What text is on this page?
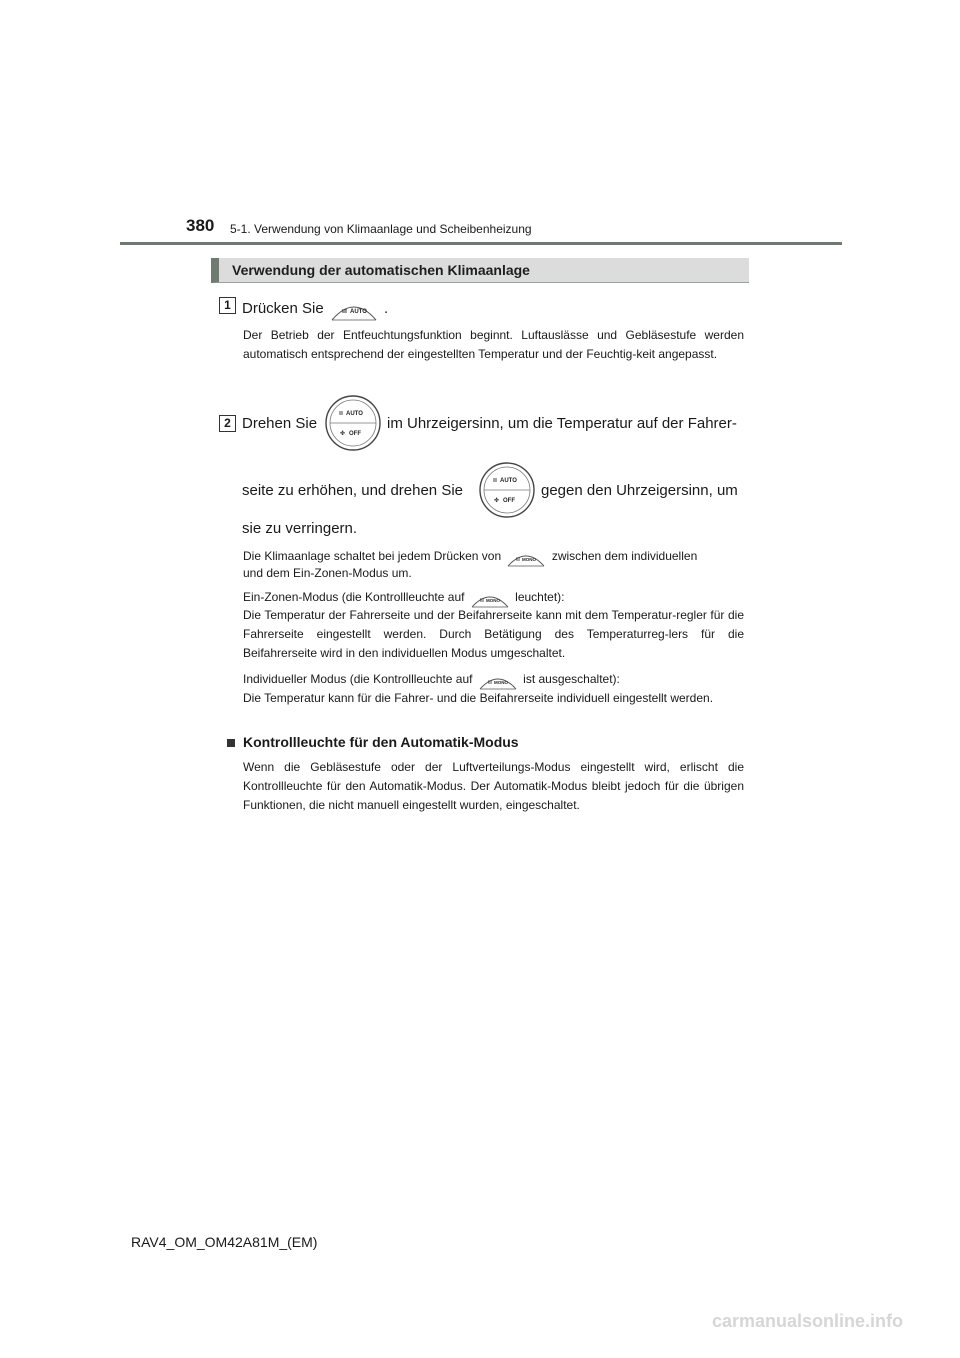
380 5-1. Verwendung von Klimaanlage und Scheibenheizung
Verwendung der automatischen Klimaanlage
1 Drücken Sie	AUTO .
Der Betrieb der Entfeuchtungsfunktion beginnt. Luftauslässe und Gebläsestufe werden automatisch entsprechend der eingestellten Temperatur und der Feuchtig-keit angepasst.
2 Drehen Sie
AUTO
✤ OFF
im Uhrzeigersinn, um die Temperatur auf der Fahrer-
seite zu erhöhen, und drehen Sie
AUTO
✤ OFF
gegen den Uhrzeigersinn, um
sie zu verringern.
Die Klimaanlage schaltet bei jedem Drücken von	MONO zwischen dem individuellen
und dem Ein-Zonen-Modus um.
Ein-Zonen-Modus (die Kontrollleuchte auf	MONO leuchtet):
Die Temperatur der Fahrerseite und der Beifahrerseite kann mit dem Temperatur-regler für die Fahrerseite eingestellt werden. Durch Betätigung des Temperaturreg-lers für die Beifahrerseite wird in den individuellen Modus umgeschaltet.
Individueller Modus (die Kontrollleuchte auf	MONO ist ausgeschaltet):
Die Temperatur kann für die Fahrer- und die Beifahrerseite individuell eingestellt werden.
Kontrollleuchte für den Automatik-Modus
Wenn die Gebläsestufe oder der Luftverteilungs-Modus eingestellt wird, erlischt die Kontrollleuchte für den Automatik-Modus. Der Automatik-Modus bleibt jedoch für die übrigen Funktionen, die nicht manuell eingestellt wurden, eingeschaltet.
RAV4_OM_OM42A81M_(EM)
carmanualsonline.info
